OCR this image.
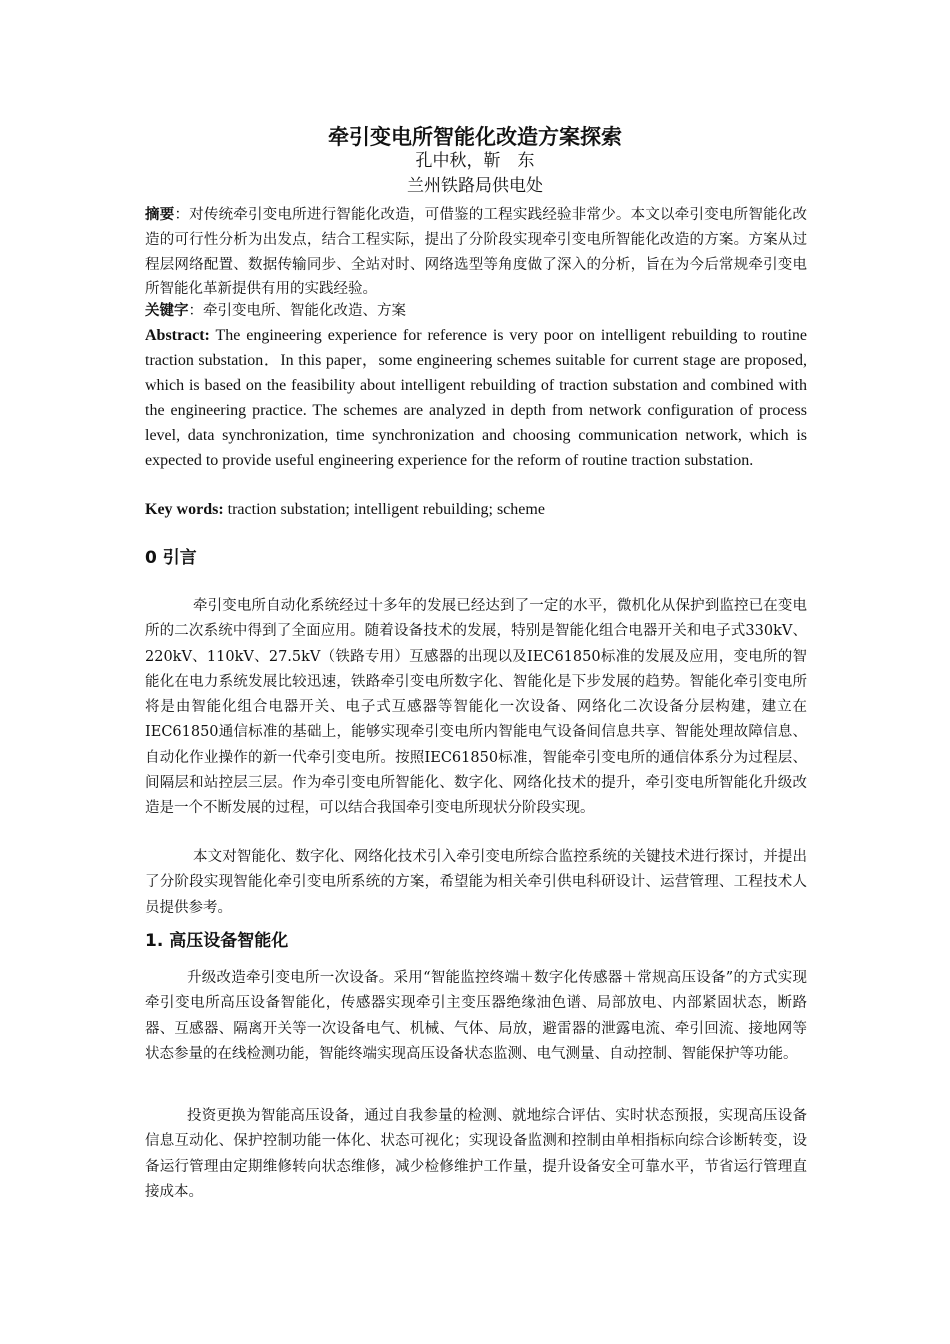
牵引变电所智能化改造方案探索
孔中秋，靳　东
兰州铁路局供电处
摘要：对传统牵引变电所进行智能化改造，可借鉴的工程实践经验非常少。本文以牵引变电所智能化改造的可行性分析为出发点，结合工程实际，提出了分阶段实现牵引变电所智能化改造的方案。方案从过程层网络配置、数据传输同步、全站对时、网络选型等角度做了深入的分析，旨在为今后常规牵引变电所智能化革新提供有用的实践经验。
关键字：牵引变电所、智能化改造、方案
Abstract: The engineering experience for reference is very poor on intelligent rebuilding to routine traction substation．In this paper，some engineering schemes suitable for current stage are proposed, which is based on the feasibility about intelligent rebuilding of traction substation and combined with the engineering practice. The schemes are analyzed in depth from network configuration of process level, data synchronization, time synchronization and choosing communication network, which is expected to provide useful engineering experience for the reform of routine traction substation.
Key words: traction substation; intelligent rebuilding; scheme
0 引言
牵引变电所自动化系统经过十多年的发展已经达到了一定的水平，微机化从保护到监控已在变电所的二次系统中得到了全面应用。随着设备技术的发展，特别是智能化组合电器开关和电子式330kV、220kV、110kV、27.5kV（铁路专用）互感器的出现以及IEC61850标准的发展及应用，变电所的智能化在电力系统发展比较迅速，铁路牵引变电所数字化、智能化是下步发展的趋势。智能化牵引变电所将是由智能化组合电器开关、电子式互感器等智能化一次设备、网络化二次设备分层构建，建立在IEC61850通信标准的基础上，能够实现牵引变电所内智能电气设备间信息共享、智能处理故障信息、自动化作业操作的新一代牵引变电所。按照IEC61850标准，智能牵引变电所的通信体系分为过程层、间隔层和站控层三层。作为牵引变电所智能化、数字化、网络化技术的提升，牵引变电所智能化升级改造是一个不断发展的过程，可以结合我国牵引变电所现状分阶段实现。
本文对智能化、数字化、网络化技术引入牵引变电所综合监控系统的关键技术进行探讨，并提出了分阶段实现智能化牵引变电所系统的方案，希望能为相关牵引供电科研设计、运营管理、工程技术人员提供参考。
1. 高压设备智能化
升级改造牵引变电所一次设备。采用“智能监控终端＋数字化传感器＋常规高压设备”的方式实现牵引变电所高压设备智能化，传感器实现牵引主变压器绝缘油色谱、局部放电、内部紧固状态，断路器、互感器、隔离开关等一次设备电气、机械、气体、局放，避雷器的泄露电流、牵引回流、接地网等状态参量的在线检测功能，智能终端实现高压设备状态监测、电气测量、自动控制、智能保护等功能。
投资更换为智能高压设备，通过自我参量的检测、就地综合评估、实时状态预报，实现高压设备信息互动化、保护控制功能一体化、状态可视化；实现设备监测和控制由单相指标向综合诊断转变，设备运行管理由定期维修转向状态维修，减少检修维护工作量，提升设备安全可靠水平，节省运行管理直接成本。
